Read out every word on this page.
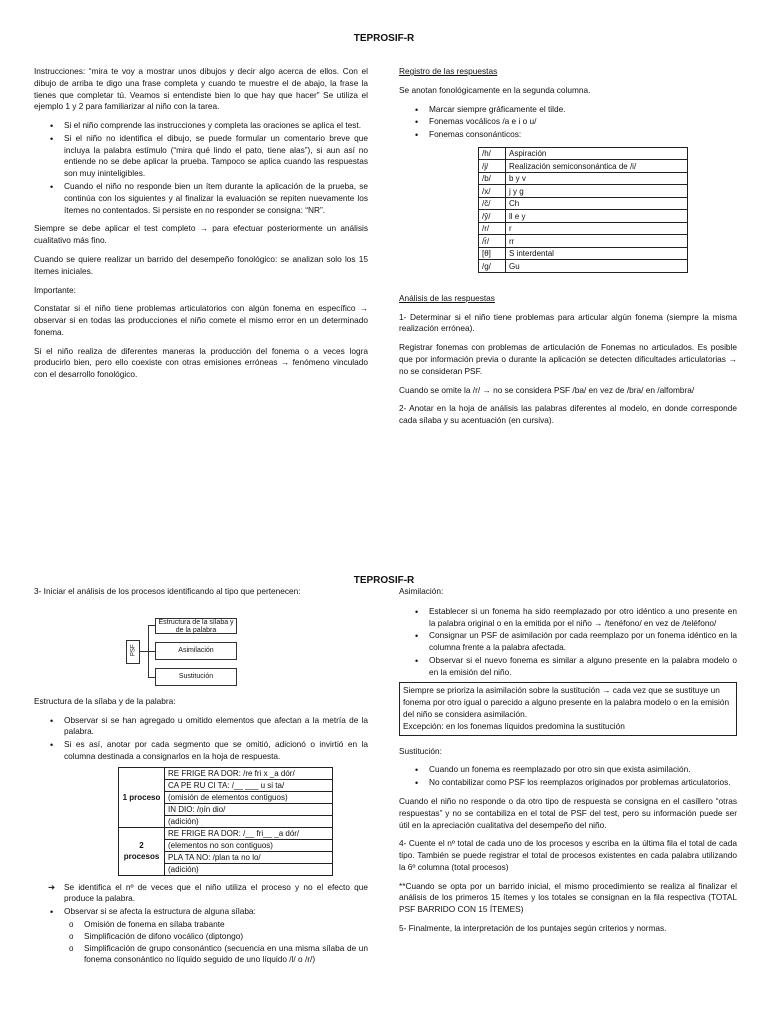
TEPROSIF-R

Instrucciones: “mira te voy a mostrar unos dibujos y decir algo acerca de ellos. Con el dibujo de arriba te digo una frase completa y cuando te muestre el de abajo, la frase la tienes que completar tú. Veamos si entendiste bien lo que hay que hacer” Se utiliza el ejemplo 1 y 2 para familiarizar al niño con la tarea.

• Si el niño comprende las instrucciones y completa las oraciones se aplica el test.
• Si el niño no identifica el dibujo, se puede formular un comentario breve que incluya la palabra estímulo (“mira qué lindo el pato, tiene alas”), si aun así no entiende no se debe aplicar la prueba. Tampoco se aplica cuando las respuestas son muy ininteligibles.
• Cuando el niño no responde bien un ítem durante la aplicación de la prueba, se continúa con los siguientes y al finalizar la evaluación se repiten nuevamente los ítemes no contentados. Si persiste en no responder se consigna: “NR”.

Siempre se debe aplicar el test completo → para efectuar posteriormente un análisis cualitativo más fino.

Cuando se quiere realizar un barrido del desempeño fonológico: se analizan solo los 15 ítemes iniciales.

Importante:

Constatar si el niño tiene problemas articulatorios con algún fonema en específico → observar si en todas las producciones el niño comete el mismo error en un determinado fonema.

Si el niño realiza de diferentes maneras la producción del fonema o a veces logra producirlo bien, pero ello coexiste con otras emisiones erróneas → fenómeno vinculado con el desarrollo fonológico.

Registro de las respuestas

Se anotan fonológicamente en la segunda columna.

• Marcar siempre gráficamente el tilde.
• Fonemas vocálicos /a e i o u/
• Fonemas consonánticos:
/h/	Aspiración
/j/	Realización semiconsonántica de /i/
/b/	b y v
/x/	j y g
/č/	Ch
/ŷ/	ll e y
/r/	r
/r̄/	rr
[θ]	S interdental
/g/	Gu

Análisis de las respuestas

1- Determinar si el niño tiene problemas para articular algún fonema (siempre la misma realización errónea).

Registrar fonemas con problemas de articulación de Fonemas no articulados. Es posible que por información previa o durante la aplicación se detecten dificultades articulatorias → no se consideran PSF.

Cuando se omite la /r/ → no se considera PSF /ba/ en vez de /bra/ en /alfombra/

2- Anotar en la hoja de análisis las palabras diferentes al modelo, en donde corresponde cada sílaba y su acentuación (en cursiva).

TEPROSIF-R

3- Iniciar el análisis de los procesos identificando al tipo que pertenecen:

PSF
Estructura de la sílaba y de la palabra
Asimilación
Sustitución

Estructura de la sílaba y de la palabra:

• Observar si se han agregado u omitido elementos que afectan a la metría de la palabra.
• Si es así, anotar por cada segmento que se omitió, adicionó o invirtió en la columna destinada a consignarlos en la hoja de respuesta.
1 proceso	RE FRIGE RA DOR: /re fri x _a dór/
	CA PE RU CI TA: /__ ___ u si ta/
	(omisión de elementos contiguos)
	IN DIO: /ņín dio/
	(adición)
2 procesos	RE FRIGE RA DOR: /__ fri__ _a dór/
	(elementos no son contiguos)
	PLA TA NO: /plan ta no lo/
	(adición)
➔ Se identifica el nº de veces que el niño utiliza el proceso y no el efecto que produce la palabra.
• Observar si se afecta la estructura de alguna sílaba:
o Omisión de fonema en sílaba trabante
o Simplificación de difono vocálico (diptongo)
o Simplificación de grupo consonántico (secuencia en una misma sílaba de un fonema consonántico no líquido seguido de uno líquido /l/ o /r/)

Asimilación:

• Establecer si un fonema ha sido reemplazado por otro idéntico a uno presente en la palabra original o en la emitida por el niño → /tenéfono/ en vez de /teléfono/
• Consignar un PSF de asimilación por cada reemplazo por un fonema idéntico en la columna frente a la palabra afectada.
• Observar si el nuevo fonema es similar a alguno presente en la palabra modelo o en la emisión del niño.
Siempre se prioriza la asimilación sobre la sustitución → cada vez que se sustituye un fonema por otro igual o parecido a alguno presente en la palabra modelo o en la emisión del niño se considera asimilación.
Excepción: en los fonemas líquidos predomina la sustitución

Sustitución:

• Cuando un fonema es reemplazado por otro sin que exista asimilación.
• No contabilizar como PSF los reemplazos originados por problemas articulatorios.

Cuando el niño no responde o da otro tipo de respuesta se consigna en el casillero “otras respuestas” y no se contabiliza en el total de PSF del test, pero su información puede ser útil en la apreciación cualitativa del desempeño del niño.

4- Cuente el nº total de cada uno de los procesos y escriba en la última fila el total de cada tipo. También se puede registrar el total de procesos existentes en cada palabra utilizando la 6º columna (total procesos)

**Cuando se opta por un barrido inicial, el mismo procedimiento se realiza al finalizar el análisis de los primeros 15 ítemes y los totales se consignan en la fila respectiva (TOTAL PSF BARRIDO CON 15 ÍTEMES)

5- Finalmente, la interpretación de los puntajes según criterios y normas.
